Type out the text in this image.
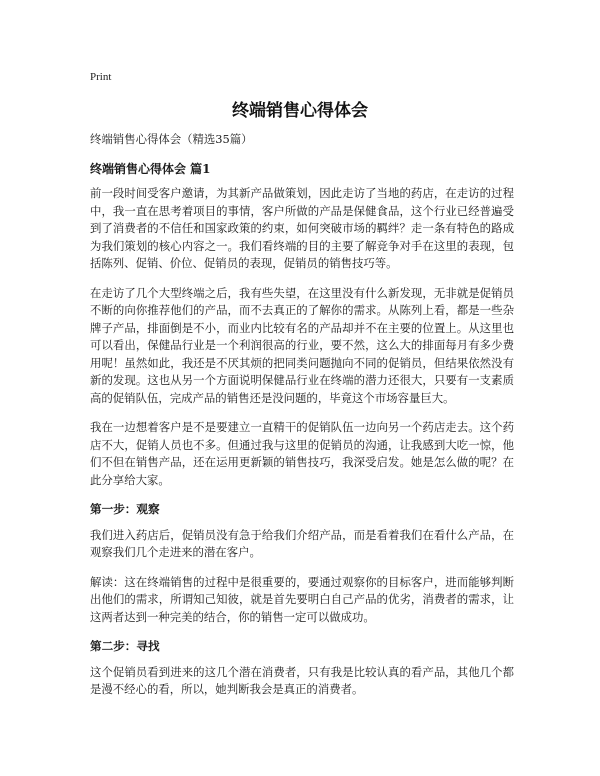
Print
终端销售心得体会
终端销售心得体会（精选35篇）
终端销售心得体会 篇1
前一段时间受客户邀请，为其新产品做策划，因此走访了当地的药店，在走访的过程中，我一直在思考着项目的事情，客户所做的产品是保健食品，这个行业已经普遍受到了消费者的不信任和国家政策的约束，如何突破市场的羁绊？走一条有特色的路成为我们策划的核心内容之一。我们看终端的目的主要了解竞争对手在这里的表现，包括陈列、促销、价位、促销员的表现，促销员的销售技巧等。
在走访了几个大型终端之后，我有些失望，在这里没有什么新发现，无非就是促销员不断的向你推荐他们的产品，而不去真正的了解你的需求。从陈列上看，都是一些杂牌子产品，排面倒是不小，而业内比较有名的产品却并不在主要的位置上。从这里也可以看出，保健品行业是一个利润很高的行业，要不然，这么大的排面每月有多少费用呢！虽然如此，我还是不厌其烦的把同类问题抛向不同的促销员，但结果依然没有新的发现。这也从另一个方面说明保健品行业在终端的潜力还很大，只要有一支素质高的促销队伍，完成产品的销售还是没问题的，毕竟这个市场容量巨大。
我在一边想着客户是不是要建立一直精干的促销队伍一边向另一个药店走去。这个药店不大，促销人员也不多。但通过我与这里的促销员的沟通，让我感到大吃一惊，他们不但在销售产品，还在运用更新颖的销售技巧，我深受启发。她是怎么做的呢？在此分享给大家。
第一步：观察
我们进入药店后，促销员没有急于给我们介绍产品，而是看着我们在看什么产品，在观察我们几个走进来的潜在客户。
解读：这在终端销售的过程中是很重要的，要通过观察你的目标客户，进而能够判断出他们的需求，所谓知己知彼，就是首先要明白自己产品的优劣，消费者的需求，让这两者达到一种完美的结合，你的销售一定可以做成功。
第二步：寻找
这个促销员看到进来的这几个潜在消费者，只有我是比较认真的看产品，其他几个都是漫不经心的看，所以，她判断我会是真正的消费者。
